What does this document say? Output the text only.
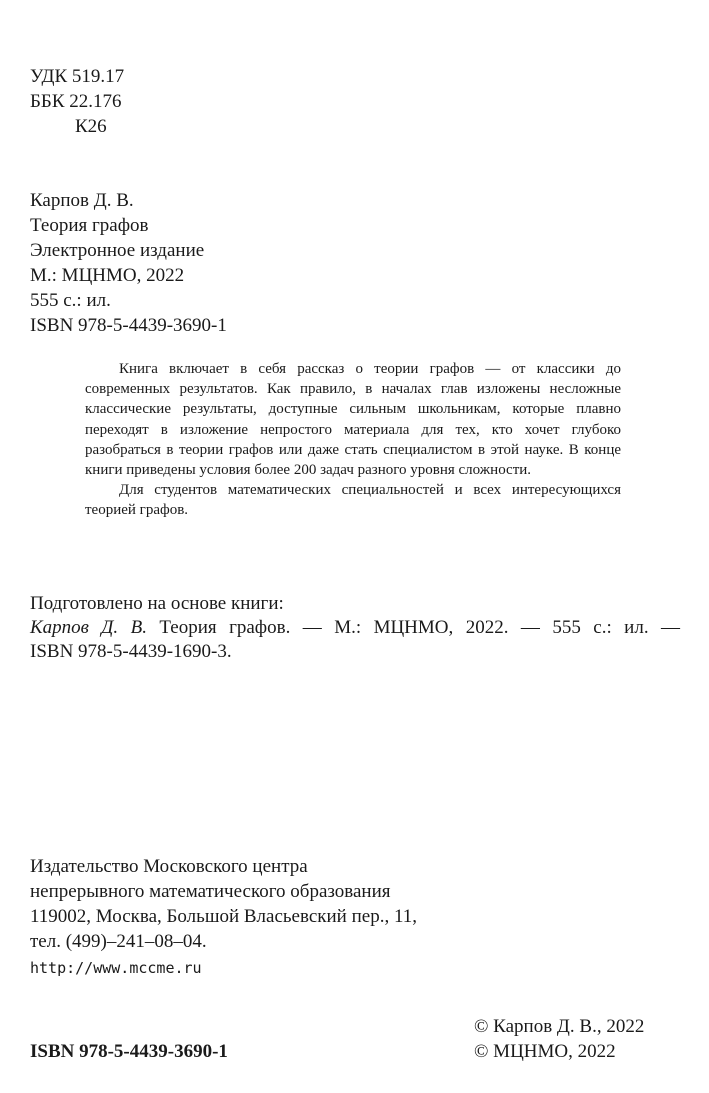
УДК 519.17
ББК 22.176
К26
Карпов Д. В.
Теория графов
Электронное издание
М.: МЦНМО, 2022
555 с.: ил.
ISBN 978-5-4439-3690-1

Книга включает в себя рассказ о теории графов — от классики до современных результатов. Как правило, в началах глав изложены несложные классические результаты, доступные сильным школьникам, которые плавно переходят в изложение непростого материала для тех, кто хочет глубоко разобраться в теории графов или даже стать специалистом в этой науке. В конце книги приведены условия более 200 задач разного уровня сложности.

Для студентов математических специальностей и всех интересующихся теорией графов.

Подготовлено на основе книги:

Карпов Д. В. Теория графов. — М.: МЦНМО, 2022. — 555 с.: ил. —

ISBN 978-5-4439-1690-3.

Издательство Московского центра
непрерывного математического образования
119002, Москва, Большой Власьевский пер., 11,
тел. (499)–241–08–04.
http://www.mccme.ru
ISBN 978-5-4439-3690-1
© Карпов Д. В., 2022
© МЦНМО, 2022
